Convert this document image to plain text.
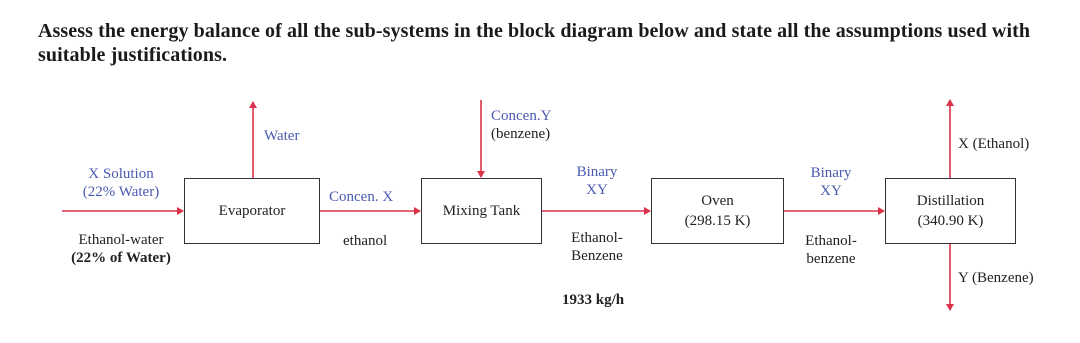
Assess the energy balance of all the sub-systems in the block diagram below and state all the assumptions used with suitable justifications.
Evaporator	Mixing Tank
Oven
(298.15 K)
Distillation
(340.90 K)
X Solution
(22% Water)
Ethanol-water
(22% of Water)
Water
Concen. X
ethanol
Concen.Y
(benzene)
Binary
XY
Ethanol-
Benzene
1933 kg/h
Binary
XY
Ethanol-
benzene
X (Ethanol)
Y (Benzene)
